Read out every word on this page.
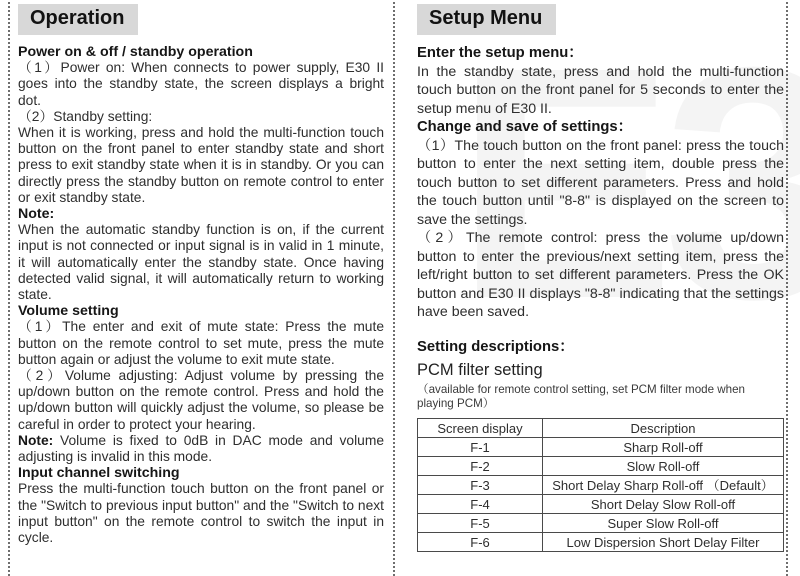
Operation

Power on & off / standby operation

（1）Power on: When connects to power supply, E30 II goes into the standby state, the screen displays a bright dot.

（2）Standby setting:

When it is working, press and hold the multi-function touch button on the front panel to enter standby state and short press to exit standby state when it is in standby. Or you can directly press the standby button on remote control to enter or exit standby state.

Note:

When the automatic standby function is on, if the current input is not connected or input signal is in valid in 1 minute, it will automatically enter the standby state. Once having detected valid signal, it will automatically return to working state.

Volume setting

（1）The enter and exit of mute state: Press the mute button on the remote control to set mute, press the mute button again or adjust the volume to exit mute state.

（2）Volume adjusting: Adjust volume by pressing the up/down button on the remote control. Press and hold the up/down button will quickly adjust the volume, so please be careful in order to protect your hearing.

Note: Volume is fixed to 0dB in DAC mode and volume adjusting is invalid in this mode.

Input channel switching

Press the multi-function touch button on the front panel or the "Switch to previous input button" and the "Switch to next input button" on the remote control to switch the input in cycle.

Setup Menu

Enter the setup menu：

In the standby state, press and hold the multi-function touch button on the front panel for 5 seconds to enter the setup menu of E30 II.

Change and save of settings：

（1）The touch button on the front panel: press the touch button to enter the next setting item, double press the touch button to set different parameters. Press and hold the touch button until "8-8" is displayed on the screen to save the settings.

（2）The remote control: press the volume up/down button to enter the previous/next setting item, press the left/right button to set different parameters. Press the OK button and E30 II displays "8-8" indicating that the settings have been saved.

Setting descriptions：

PCM filter setting

（available for remote control setting, set PCM filter mode when playing PCM）

Screen display	Description
F-1	Sharp Roll-off
F-2	Slow Roll-off
F-3	Short Delay Sharp Roll-off （Default）
F-4	Short Delay Slow Roll-off
F-5	Super Slow Roll-off
F-6	Low Dispersion Short Delay Filter
